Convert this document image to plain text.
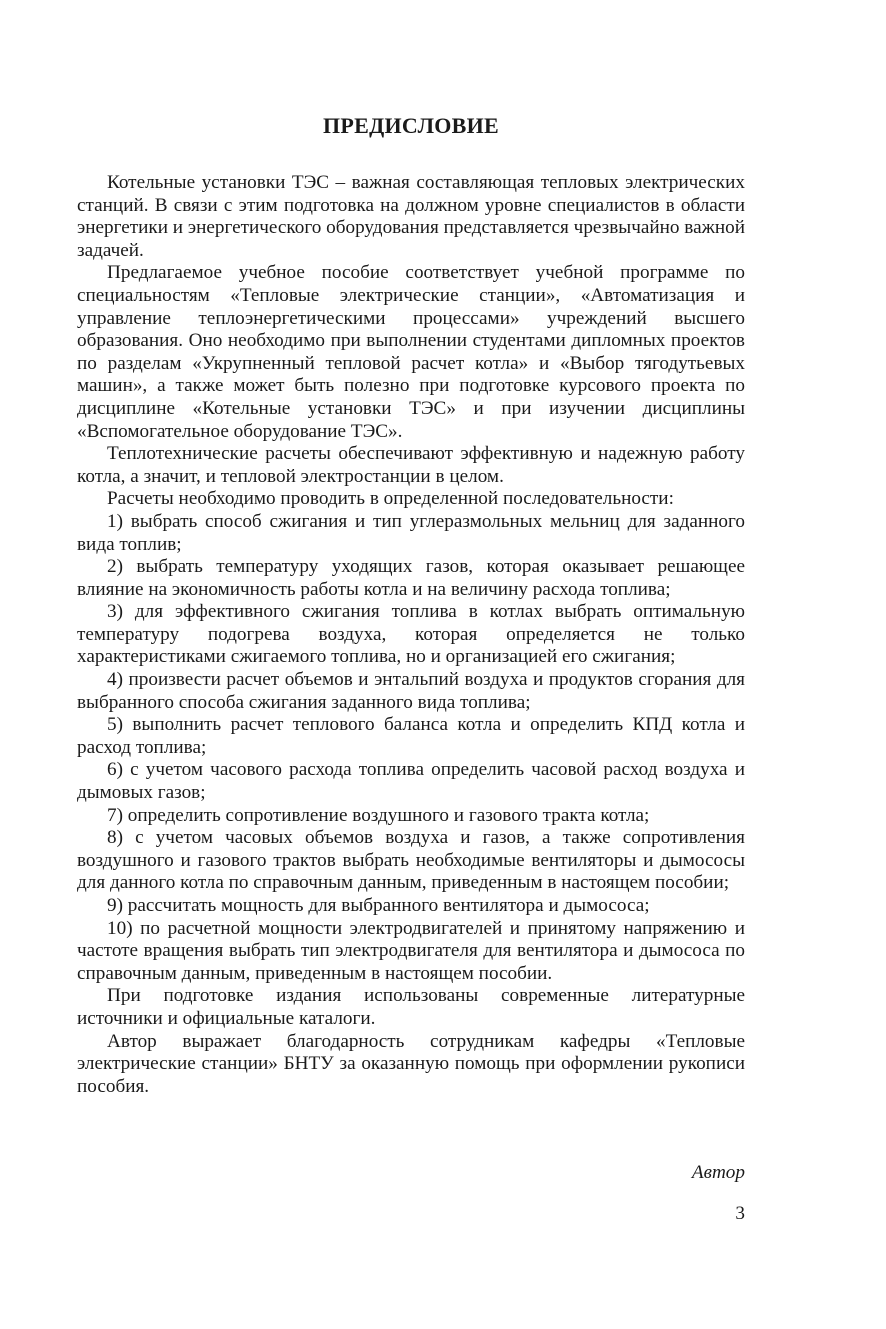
ПРЕДИСЛОВИЕ

Котельные установки ТЭС – важная составляющая тепловых электрических станций. В связи с этим подготовка на должном уровне специалистов в области энергетики и энергетического оборудования представляется чрезвычайно важной задачей.

Предлагаемое учебное пособие соответствует учебной программе по специальностям «Тепловые электрические станции», «Автоматизация и управление теплоэнергетическими процессами» учреждений высшего образования. Оно необходимо при выполнении студентами дипломных проектов по разделам «Укрупненный тепловой расчет котла» и «Выбор тягодутьевых машин», а также может быть полезно при подготовке курсового проекта по дисциплине «Котельные установки ТЭС» и при изучении дисциплины «Вспомогательное оборудование ТЭС».

Теплотехнические расчеты обеспечивают эффективную и надежную работу котла, а значит, и тепловой электростанции в целом.

Расчеты необходимо проводить в определенной последовательности:

1) выбрать способ сжигания и тип углеразмольных мельниц для заданного вида топлив;

2) выбрать температуру уходящих газов, которая оказывает решающее влияние на экономичность работы котла и на величину расхода топлива;

3) для эффективного сжигания топлива в котлах выбрать оптимальную температуру подогрева воздуха, которая определяется не только характеристиками сжигаемого топлива, но и организацией его сжигания;

4) произвести расчет объемов и энтальпий воздуха и продуктов сгорания для выбранного способа сжигания заданного вида топлива;

5) выполнить расчет теплового баланса котла и определить КПД котла и расход топлива;

6) с учетом часового расхода топлива определить часовой расход воздуха и дымовых газов;

7) определить сопротивление воздушного и газового тракта котла;

8) с учетом часовых объемов воздуха и газов, а также сопротивления воздушного и газового трактов выбрать необходимые вентиляторы и дымососы для данного котла по справочным данным, приведенным в настоящем пособии;

9) рассчитать мощность для выбранного вентилятора и дымососа;

10) по расчетной мощности электродвигателей и принятому напряжению и частоте вращения выбрать тип электродвигателя для вентилятора и дымососа по справочным данным, приведенным в настоящем пособии.

При подготовке издания использованы современные литературные источники и официальные каталоги.

Автор выражает благодарность сотрудникам кафедры «Тепловые электрические станции» БНТУ за оказанную помощь при оформлении рукописи пособия.

Автор
3
